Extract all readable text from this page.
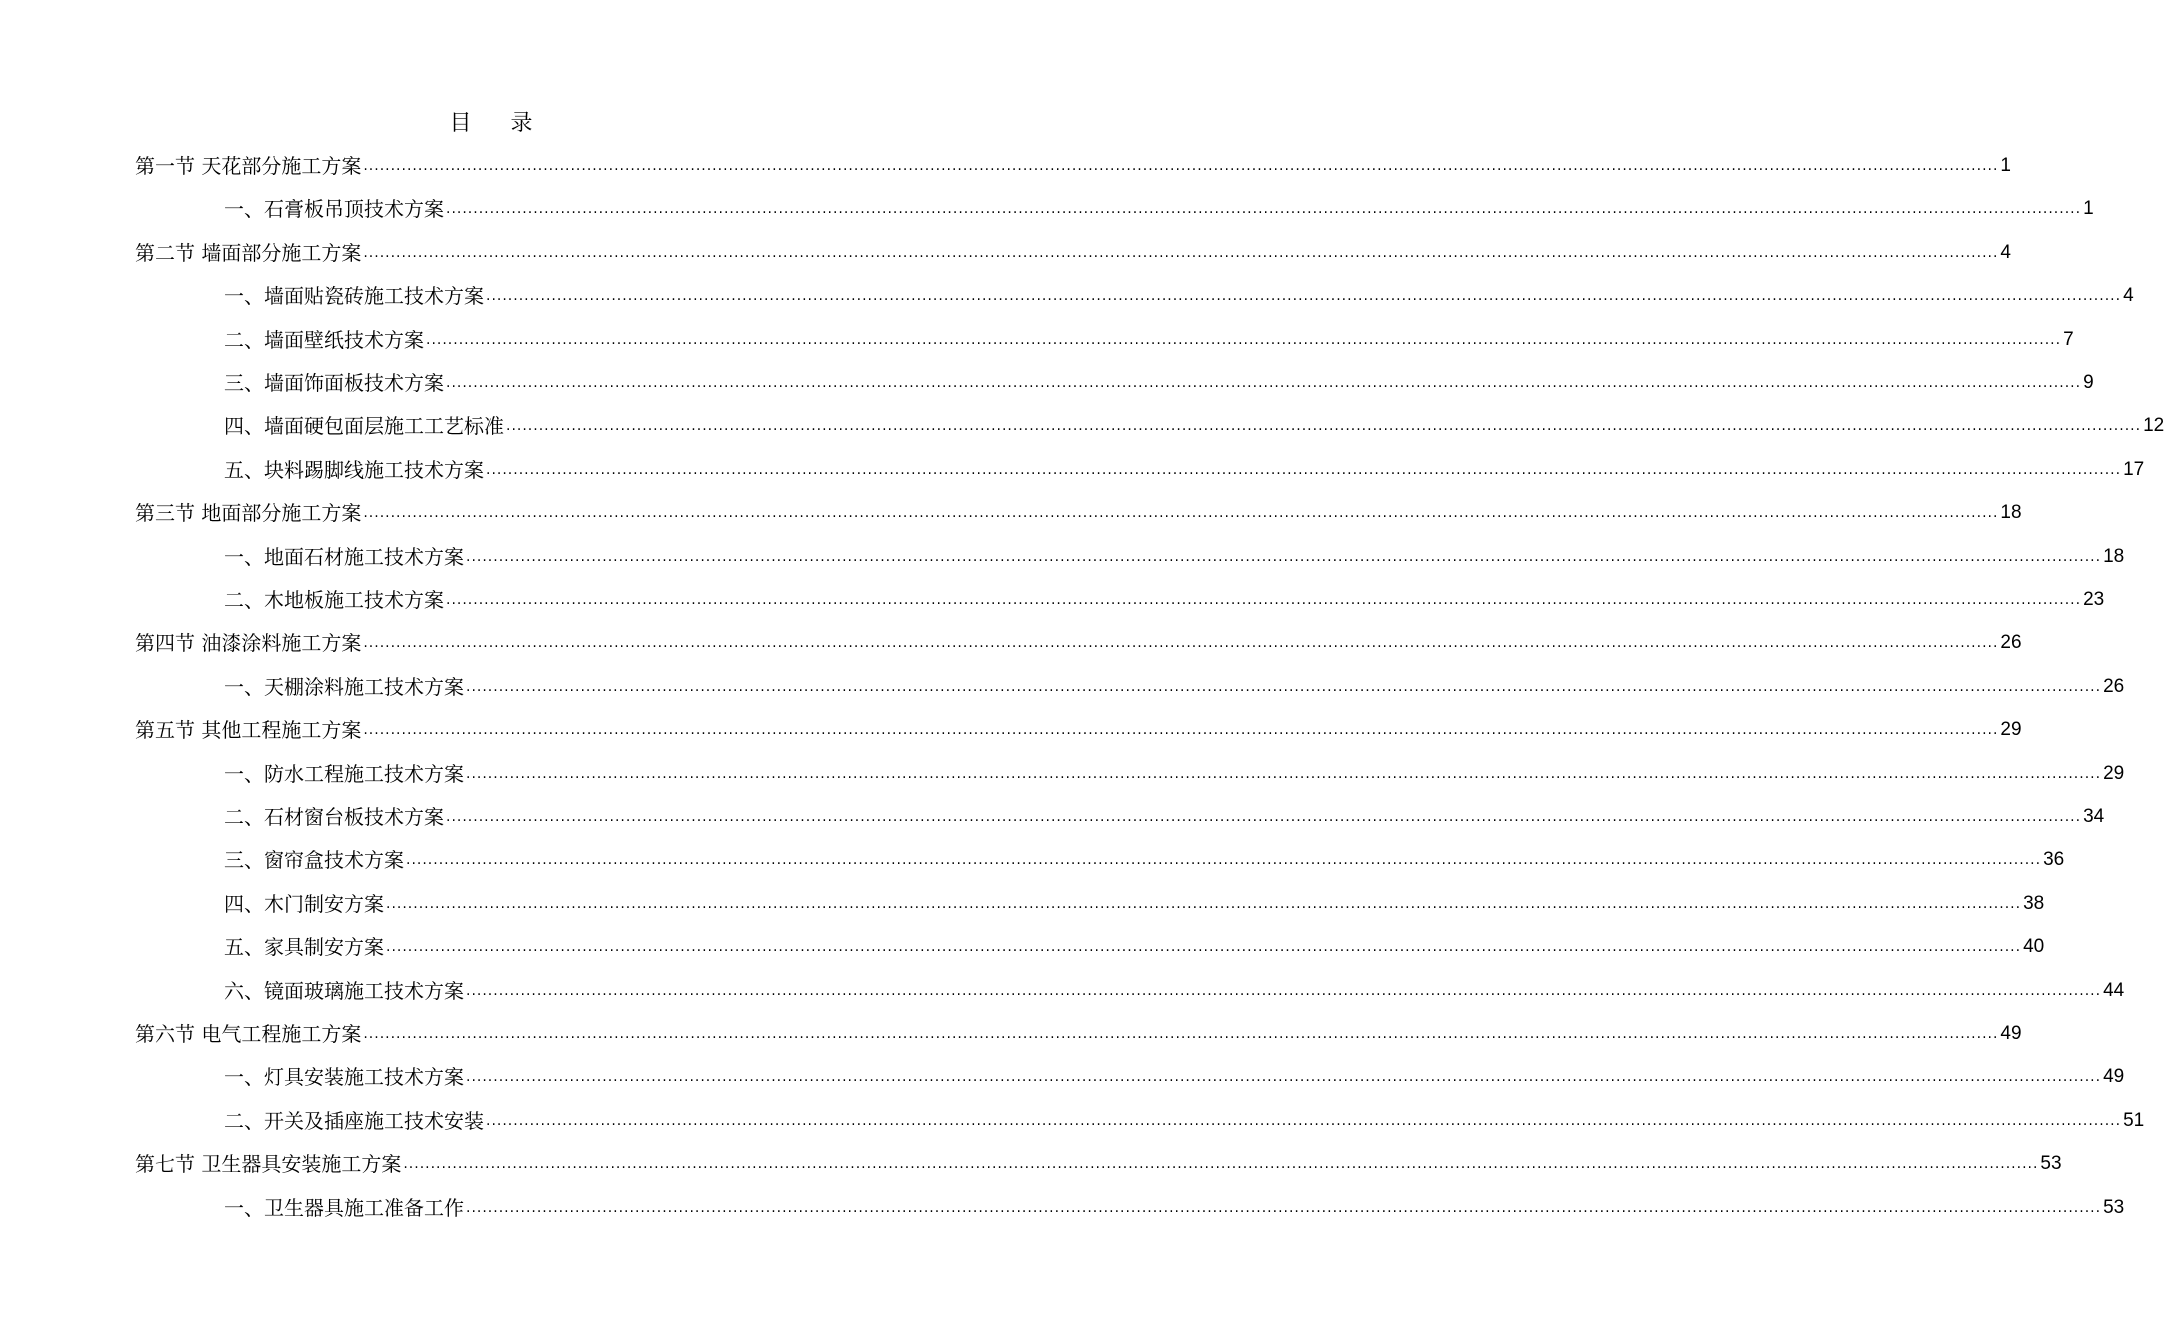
目 录
第一节 天花部分施工方案 ............................................................................................................................................................................................................................................................................................................ 1
一、石膏板吊顶技术方案 ............................................................................................................................................................................................................................................................................................................ 1
第二节 墙面部分施工方案 ............................................................................................................................................................................................................................................................................................................ 4
一、墙面贴瓷砖施工技术方案 ............................................................................................................................................................................................................................................................................................................ 4
二、墙面壁纸技术方案 ............................................................................................................................................................................................................................................................................................................ 7
三、墙面饰面板技术方案 ............................................................................................................................................................................................................................................................................................................ 9
四、墙面硬包面层施工工艺标准 ............................................................................................................................................................................................................................................................................................................ 12
五、块料踢脚线施工技术方案 ............................................................................................................................................................................................................................................................................................................ 17
第三节 地面部分施工方案 ............................................................................................................................................................................................................................................................................................................ 18
一、地面石材施工技术方案 ............................................................................................................................................................................................................................................................................................................ 18
二、木地板施工技术方案 ............................................................................................................................................................................................................................................................................................................ 23
第四节 油漆涂料施工方案 ............................................................................................................................................................................................................................................................................................................ 26
一、天棚涂料施工技术方案 ............................................................................................................................................................................................................................................................................................................ 26
第五节 其他工程施工方案 ............................................................................................................................................................................................................................................................................................................ 29
一、防水工程施工技术方案 ............................................................................................................................................................................................................................................................................................................ 29
二、石材窗台板技术方案 ............................................................................................................................................................................................................................................................................................................ 34
三、窗帘盒技术方案 ............................................................................................................................................................................................................................................................................................................ 36
四、木门制安方案 ............................................................................................................................................................................................................................................................................................................ 38
五、家具制安方案 ............................................................................................................................................................................................................................................................................................................ 40
六、镜面玻璃施工技术方案 ............................................................................................................................................................................................................................................................................................................ 44
第六节 电气工程施工方案 ............................................................................................................................................................................................................................................................................................................ 49
一、灯具安装施工技术方案 ............................................................................................................................................................................................................................................................................................................ 49
二、开关及插座施工技术安装 ............................................................................................................................................................................................................................................................................................................ 51
第七节 卫生器具安装施工方案 ............................................................................................................................................................................................................................................................................................................ 53
一、卫生器具施工准备工作 ............................................................................................................................................................................................................................................................................................................ 53
